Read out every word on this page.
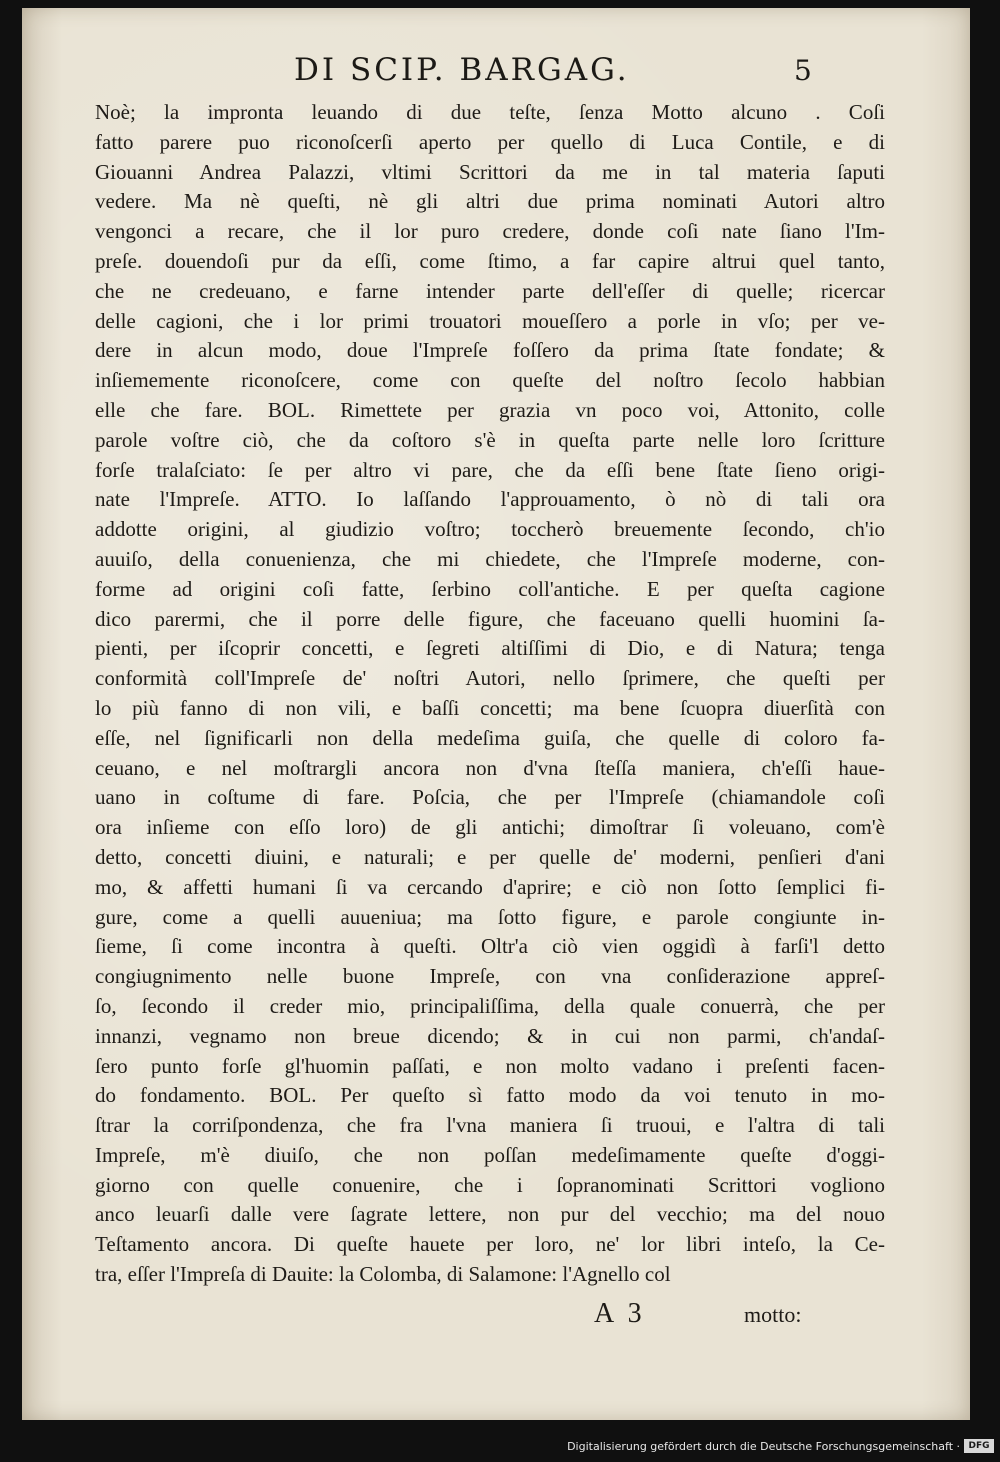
DI SCIP. BARGAG.	5
Noè; la impronta leuando di due teſte, ſenza Motto alcuno . Coſi
fatto parere puo riconoſcerſi aperto per quello di Luca Contile, e di
Giouanni Andrea Palazzi, vltimi Scrittori da me in tal materia ſaputi
vedere. Ma nè queſti, nè gli altri due prima nominati Autori altro
vengonci a recare, che il lor puro credere, donde coſi nate ſiano l'Im-
preſe. douendoſi pur da eſſi, come ſtimo, a far capire altrui quel tanto,
che ne credeuano, e farne intender parte dell'eſſer di quelle; ricercar
delle cagioni, che i lor primi trouatori moueſſero a porle in vſo; per ve-
dere in alcun modo, doue l'Impreſe foſſero da prima ſtate fondate; &
inſiememente riconoſcere, come con queſte del noſtro ſecolo habbian
elle che fare. BOL. Rimettete per grazia vn poco voi, Attonito, colle
parole voſtre ciò, che da coſtoro s'è in queſta parte nelle loro ſcritture
forſe tralaſciato: ſe per altro vi pare, che da eſſi bene ſtate ſieno origi-
nate l'Impreſe. ATTO. Io laſſando l'approuamento, ò nò di tali ora
addotte origini, al giudizio voſtro; toccherò breuemente ſecondo, ch'io
auuiſo, della conuenienza, che mi chiedete, che l'Impreſe moderne, con-
forme ad origini coſi fatte, ſerbino coll'antiche. E per queſta cagione
dico parermi, che il porre delle figure, che faceuano quelli huomini ſa-
pienti, per iſcoprir concetti, e ſegreti altiſſimi di Dio, e di Natura; tenga
conformità coll'Impreſe de' noſtri Autori, nello ſprimere, che queſti per
lo più fanno di non vili, e baſſi concetti; ma bene ſcuopra diuerſità con
eſſe, nel ſignificarli non della medeſima guiſa, che quelle di coloro fa-
ceuano, e nel moſtrargli ancora non d'vna ſteſſa maniera, ch'eſſi haue-
uano in coſtume di fare. Poſcia, che per l'Impreſe (chiamandole coſi
ora inſieme con eſſo loro) de gli antichi; dimoſtrar ſi voleuano, com'è
detto, concetti diuini, e naturali; e per quelle de' moderni, penſieri d'ani
mo, & affetti humani ſi va cercando d'aprire; e ciò non ſotto ſemplici fi-
gure, come a quelli auueniua; ma ſotto figure, e parole congiunte in-
ſieme, ſi come incontra à queſti. Oltr'a ciò vien oggidì à farſi'l detto
congiugnimento nelle buone Impreſe, con vna conſiderazione appreſ-
ſo, ſecondo il creder mio, principaliſſima, della quale conuerrà, che per
innanzi, vegnamo non breue dicendo; & in cui non parmi, ch'andaſ-
ſero punto forſe gl'huomin paſſati, e non molto vadano i preſenti facen-
do fondamento. BOL. Per queſto sì fatto modo da voi tenuto in mo-
ſtrar la corriſpondenza, che fra l'vna maniera ſi truoui, e l'altra di tali
Impreſe, m'è diuiſo, che non poſſan medeſimamente queſte d'oggi-
giorno con quelle conuenire, che i ſopranominati Scrittori vogliono
anco leuarſi dalle vere ſagrate lettere, non pur del vecchio; ma del nouo
Teſtamento ancora. Di queſte hauete per loro, ne' lor libri inteſo, la Ce-
tra, eſſer l'Impreſa di Dauite: la Colomba, di Salamone: l'Agnello col
A 3	motto:
Digitalisierung gefördert durch die Deutsche Forschungsgemeinschaft · DFG
